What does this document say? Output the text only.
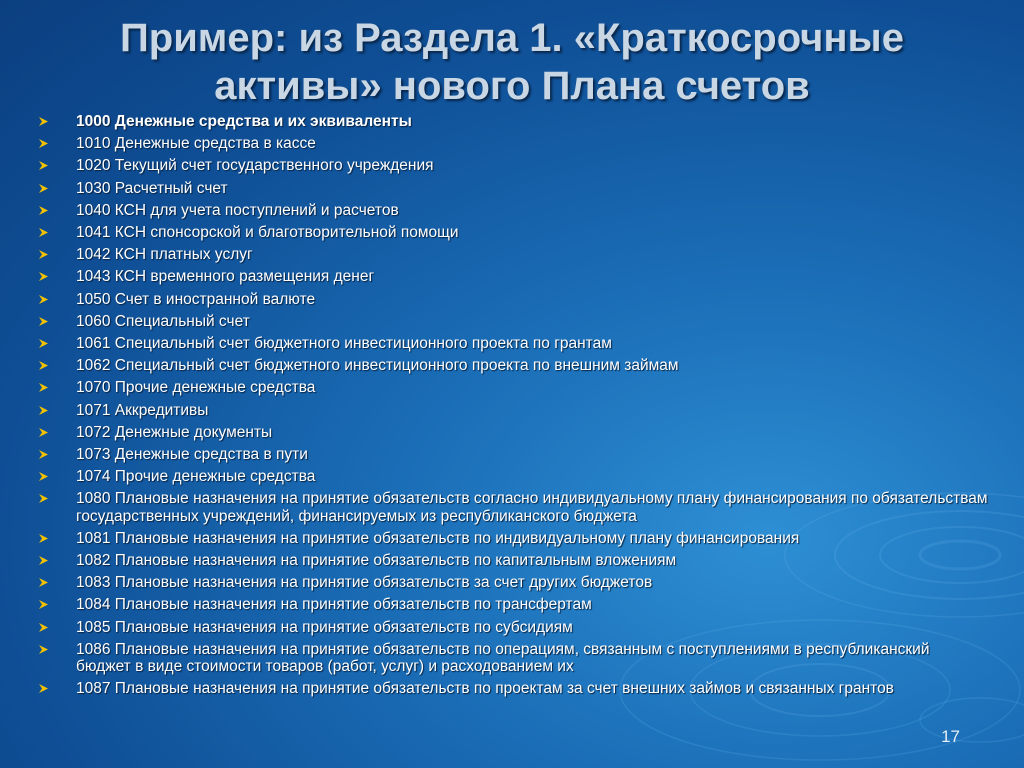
Пример: из Раздела 1. «Краткосрочные
активы» нового Плана счетов
1000 Денежные средства и их эквиваленты
1010 Денежные средства в кассе
1020 Текущий счет государственного учреждения
1030 Расчетный счет
1040 КСН для учета поступлений и расчетов
1041 КСН спонсорской и благотворительной помощи
1042 КСН платных услуг
1043 КСН временного размещения денег
1050 Счет в иностранной валюте
1060 Специальный счет
1061 Специальный счет бюджетного инвестиционного проекта по грантам
1062 Специальный счет бюджетного инвестиционного проекта по внешним займам
1070 Прочие денежные средства
1071 Аккредитивы
1072 Денежные документы
1073 Денежные средства в пути
1074 Прочие денежные средства
1080 Плановые назначения на принятие обязательств согласно индивидуальному плану финансирования по обязательствам государственных учреждений, финансируемых из республиканского бюджета
1081 Плановые назначения на принятие обязательств по индивидуальному плану финансирования
1082 Плановые назначения на принятие обязательств по капитальным вложениям
1083 Плановые назначения на принятие обязательств за счет других бюджетов
1084 Плановые назначения на принятие обязательств по трансфертам
1085 Плановые назначения на принятие обязательств по субсидиям
1086 Плановые назначения на принятие обязательств по операциям, связанным с поступлениями в республиканский бюджет в виде стоимости товаров (работ, услуг) и расходованием их
1087 Плановые назначения на принятие обязательств по проектам за счет внешних займов и связанных грантов
17
